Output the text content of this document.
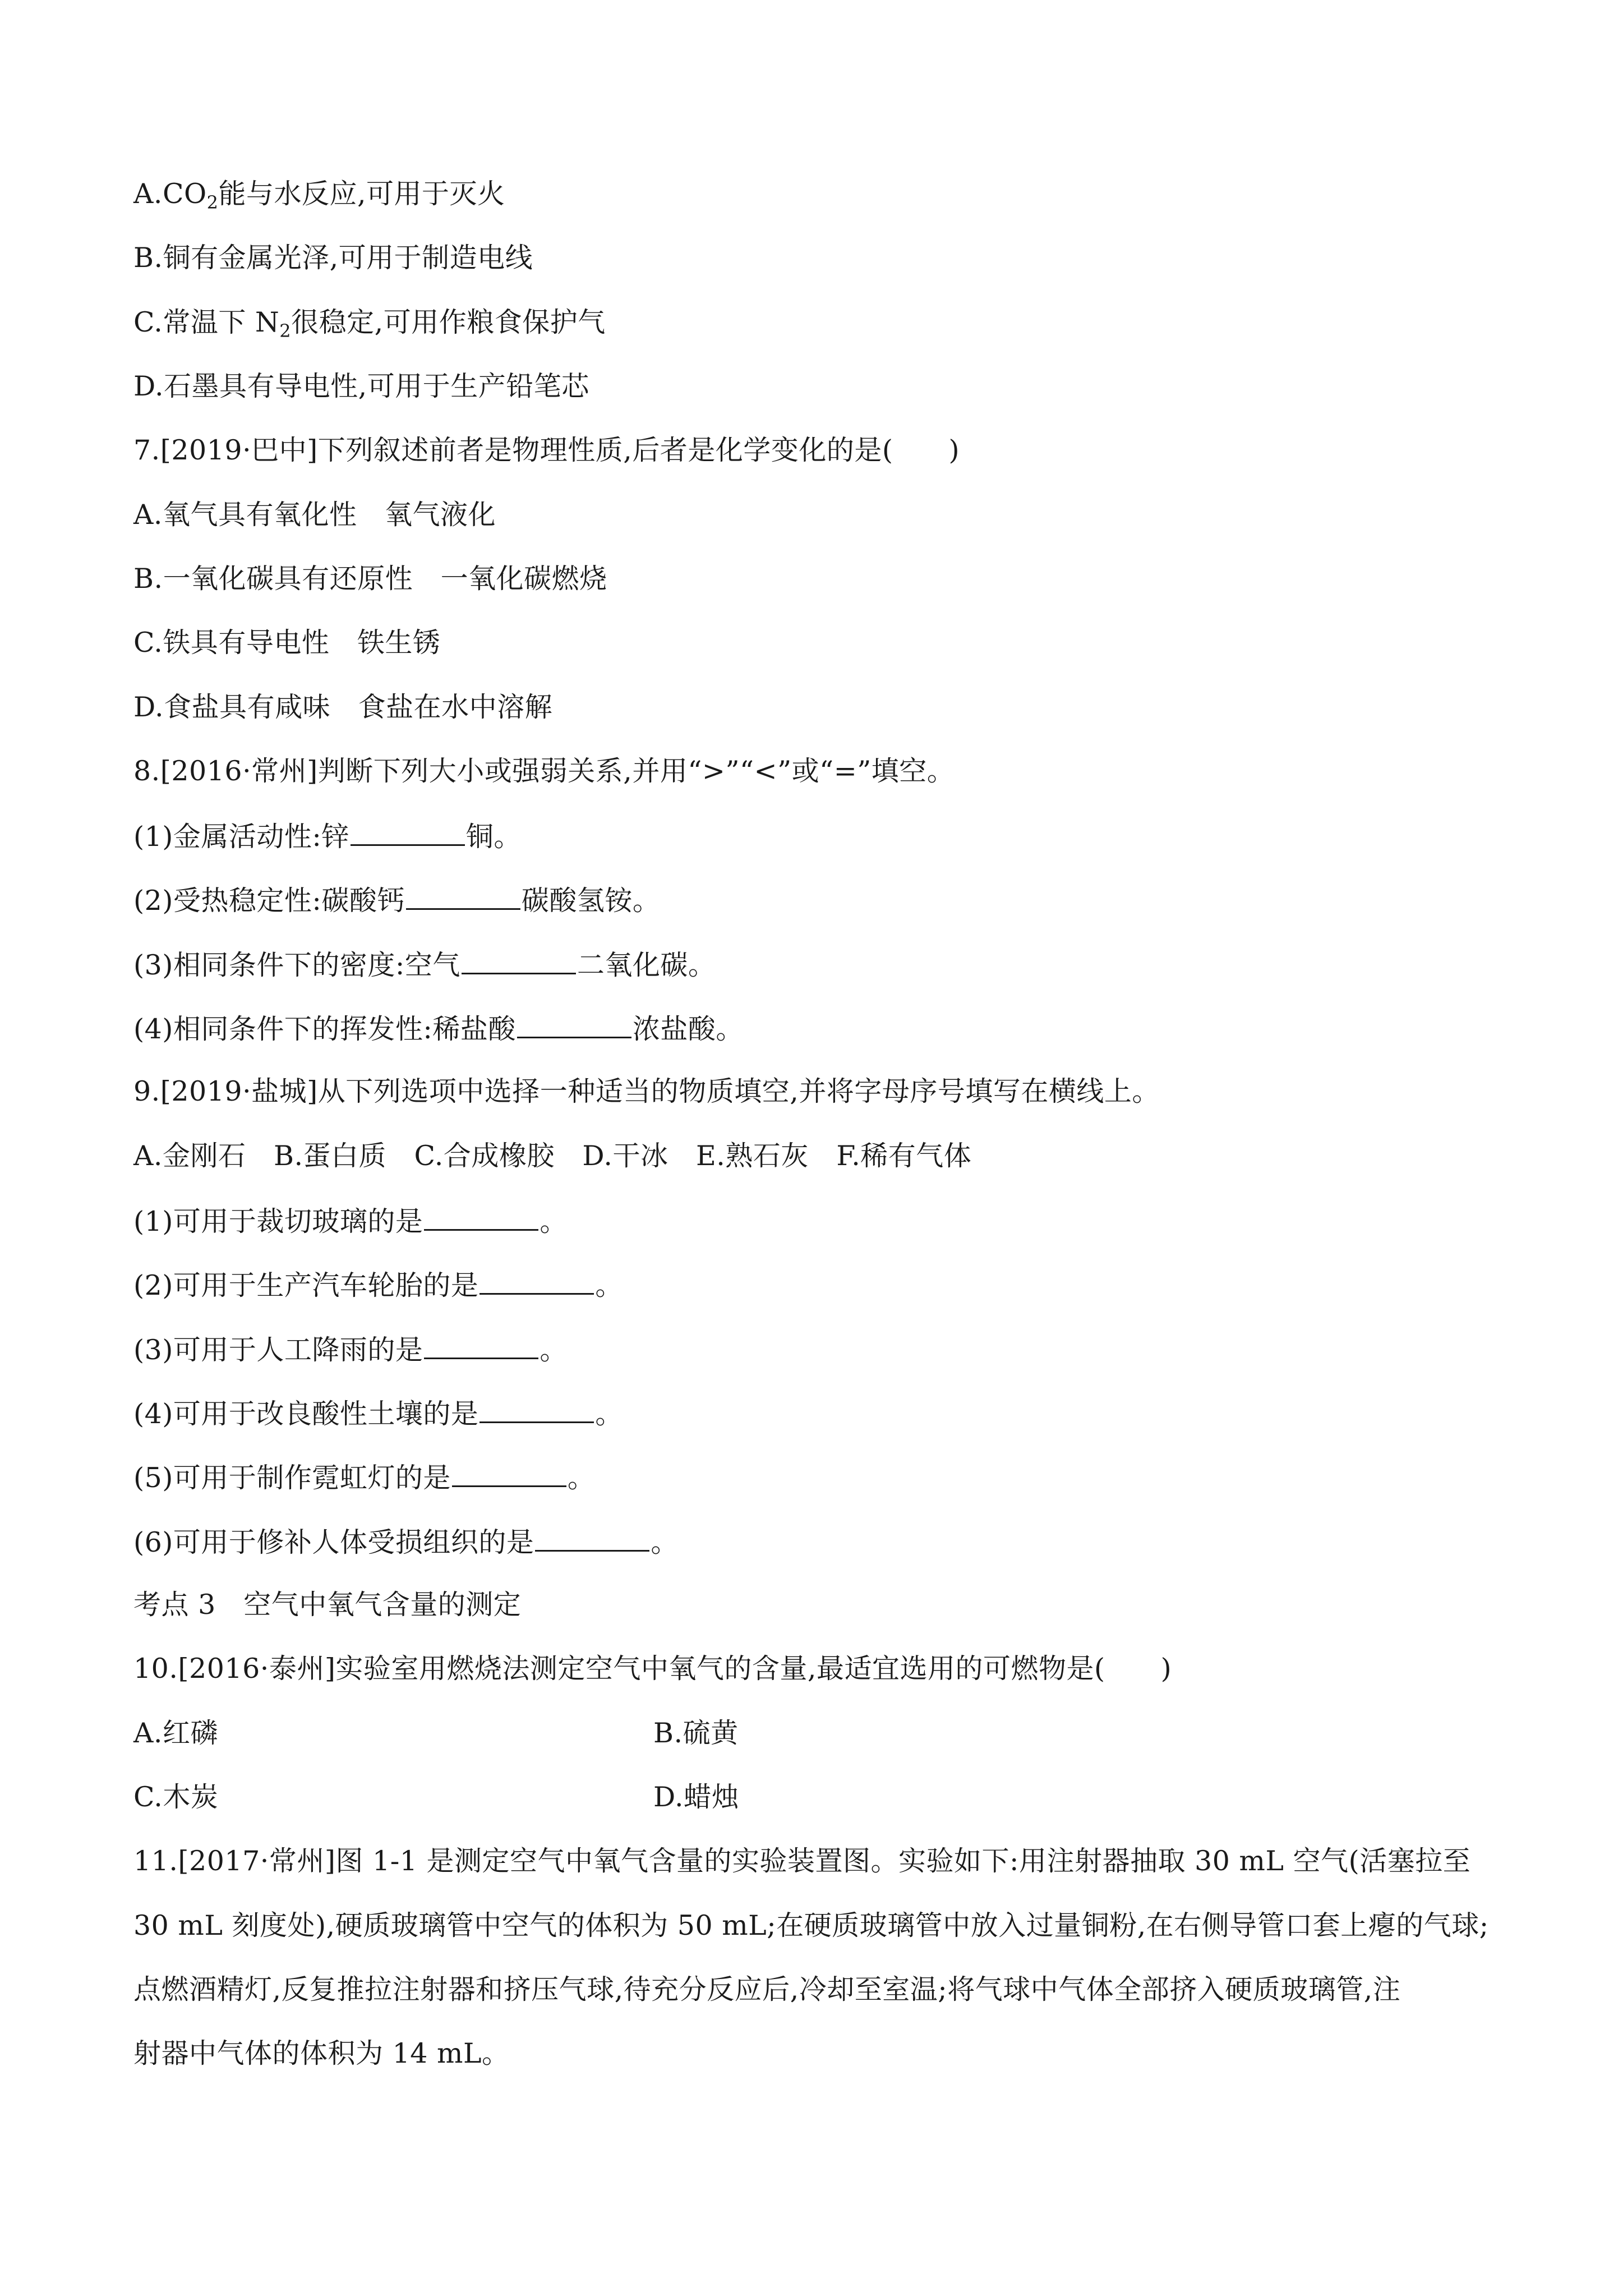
$A.CO_2$能与水反应,可用于灭火
B.铜有金属光泽,可用于制造电线
C.常温下 $N_2$很稳定,可用作粮食保护气
D.石墨具有导电性,可用于生产铅笔芯
7.[2019·巴中]下列叙述前者是物理性质,后者是化学变化的是(　　)
A.氧气具有氧化性　氧气液化
B.一氧化碳具有还原性　一氧化碳燃烧
C.铁具有导电性　铁生锈
D.食盐具有咸味　食盐在水中溶解
8.[2016·常州]判断下列大小或强弱关系,并用“>”“<”或“=”填空。
(1)金属活动性:锌	铜。
(2)受热稳定性:碳酸钙	碳酸氢铵。
(3)相同条件下的密度:空气	二氧化碳。
(4)相同条件下的挥发性:稀盐酸	浓盐酸。
9.[2019·盐城]从下列选项中选择一种适当的物质填空,并将字母序号填写在横线上。
A.金刚石　B.蛋白质　C.合成橡胶　D.干冰　E.熟石灰　F.稀有气体
(1)可用于裁切玻璃的是	。
(2)可用于生产汽车轮胎的是	。
(3)可用于人工降雨的是	。
(4)可用于改良酸性土壤的是	。
(5)可用于制作霓虹灯的是	。
(6)可用于修补人体受损组织的是	。
考点 3　空气中氧气含量的测定
10.[2016·泰州]实验室用燃烧法测定空气中氧气的含量,最适宜选用的可燃物是(　　)
A.红磷	B.硫黄
C.木炭	D.蜡烛
11.[2017·常州]图 1-1 是测定空气中氧气含量的实验装置图。实验如下:用注射器抽取 30 mL 空气(活塞拉至
30 mL 刻度处),硬质玻璃管中空气的体积为 50 mL;在硬质玻璃管中放入过量铜粉,在右侧导管口套上瘪的气球;
点燃酒精灯,反复推拉注射器和挤压气球,待充分反应后,冷却至室温;将气球中气体全部挤入硬质玻璃管,注
射器中气体的体积为 14 mL。
